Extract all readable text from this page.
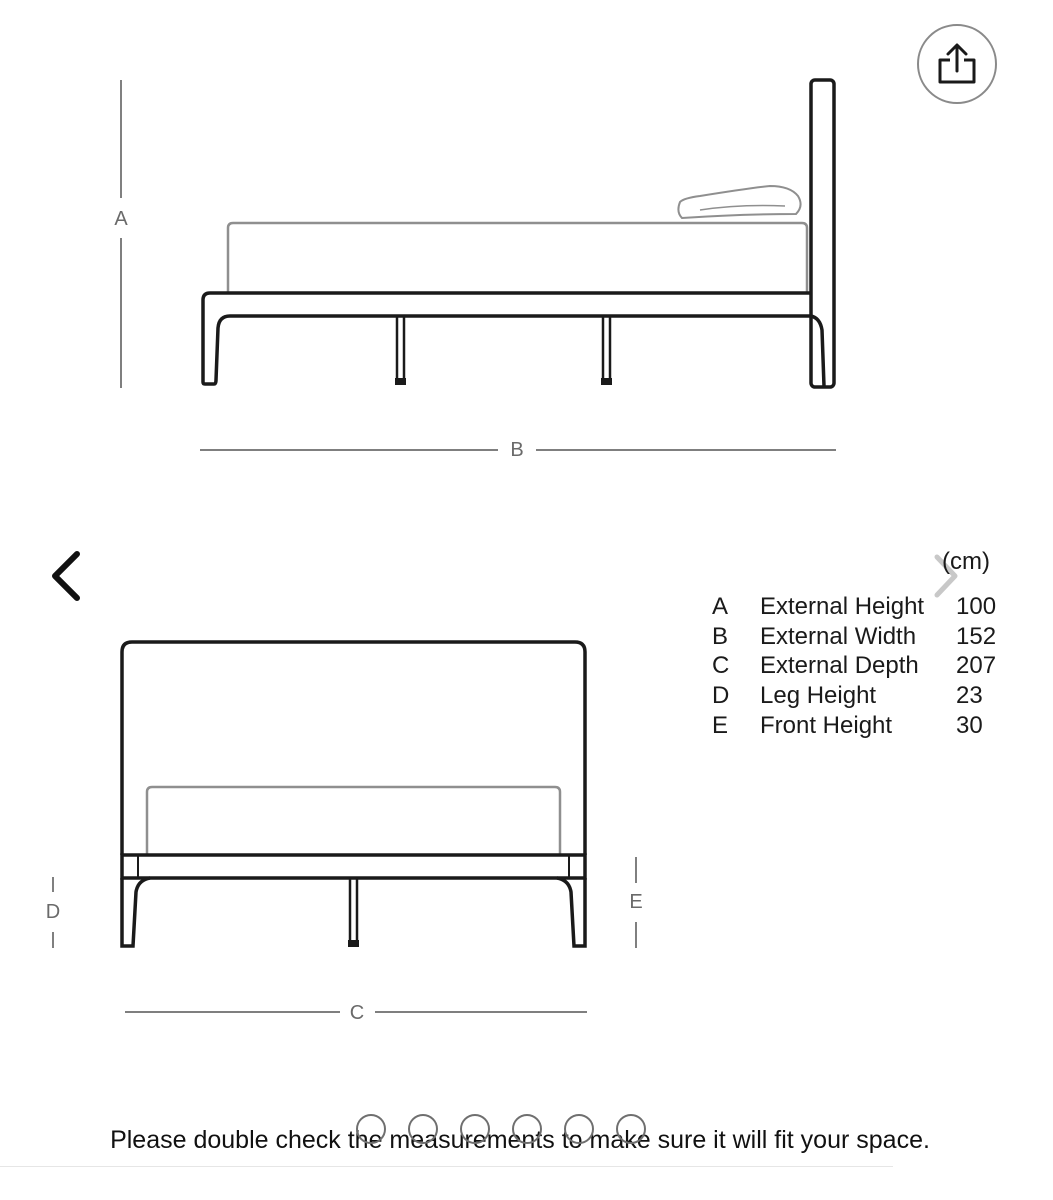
A
B
D	E
C
(cm)
A	External Height	100
B	External Width	152
C	External Depth	207
D	Leg Height	23
E	Front Height	30
Please double check the measurements to make sure it will fit your space.
